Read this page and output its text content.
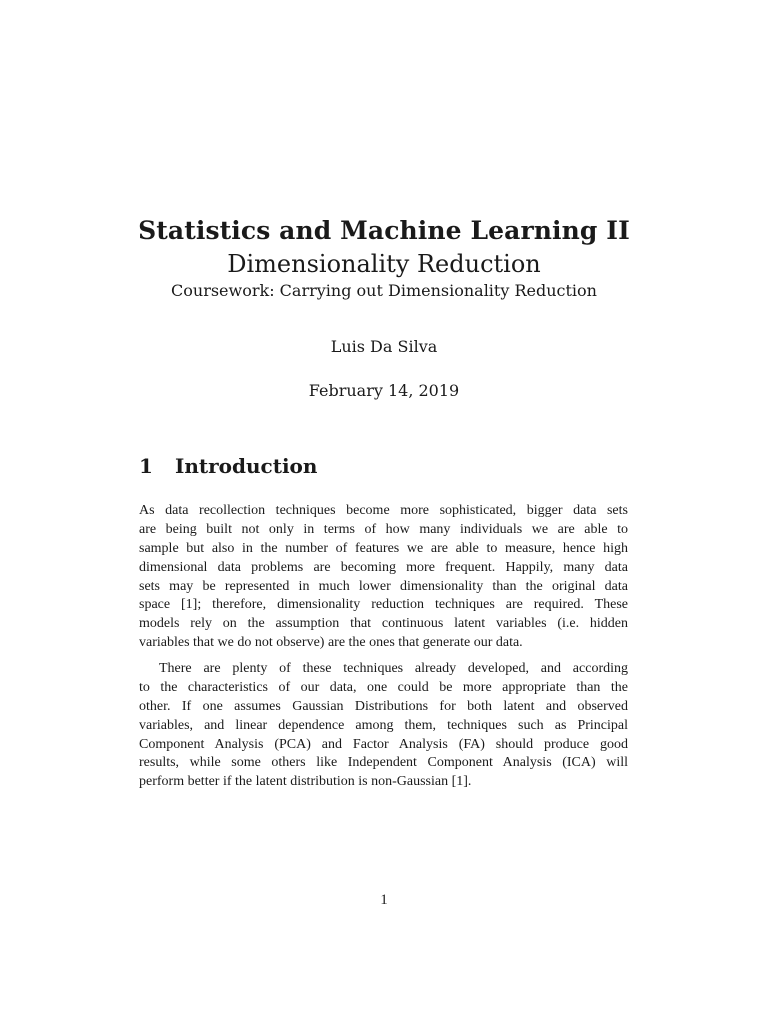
Statistics and Machine Learning II
Dimensionality Reduction
Coursework: Carrying out Dimensionality Reduction
Luis Da Silva
February 14, 2019
1 Introduction
As data recollection techniques become more sophisticated, bigger data sets
are being built not only in terms of how many individuals we are able to
sample but also in the number of features we are able to measure, hence high
dimensional data problems are becoming more frequent. Happily, many data
sets may be represented in much lower dimensionality than the original data
space [1]; therefore, dimensionality reduction techniques are required. These
models rely on the assumption that continuous latent variables (i.e. hidden
variables that we do not observe) are the ones that generate our data.
There are plenty of these techniques already developed, and according
to the characteristics of our data, one could be more appropriate than the
other. If one assumes Gaussian Distributions for both latent and observed
variables, and linear dependence among them, techniques such as Principal
Component Analysis (PCA) and Factor Analysis (FA) should produce good
results, while some others like Independent Component Analysis (ICA) will
perform better if the latent distribution is non-Gaussian [1].
1
